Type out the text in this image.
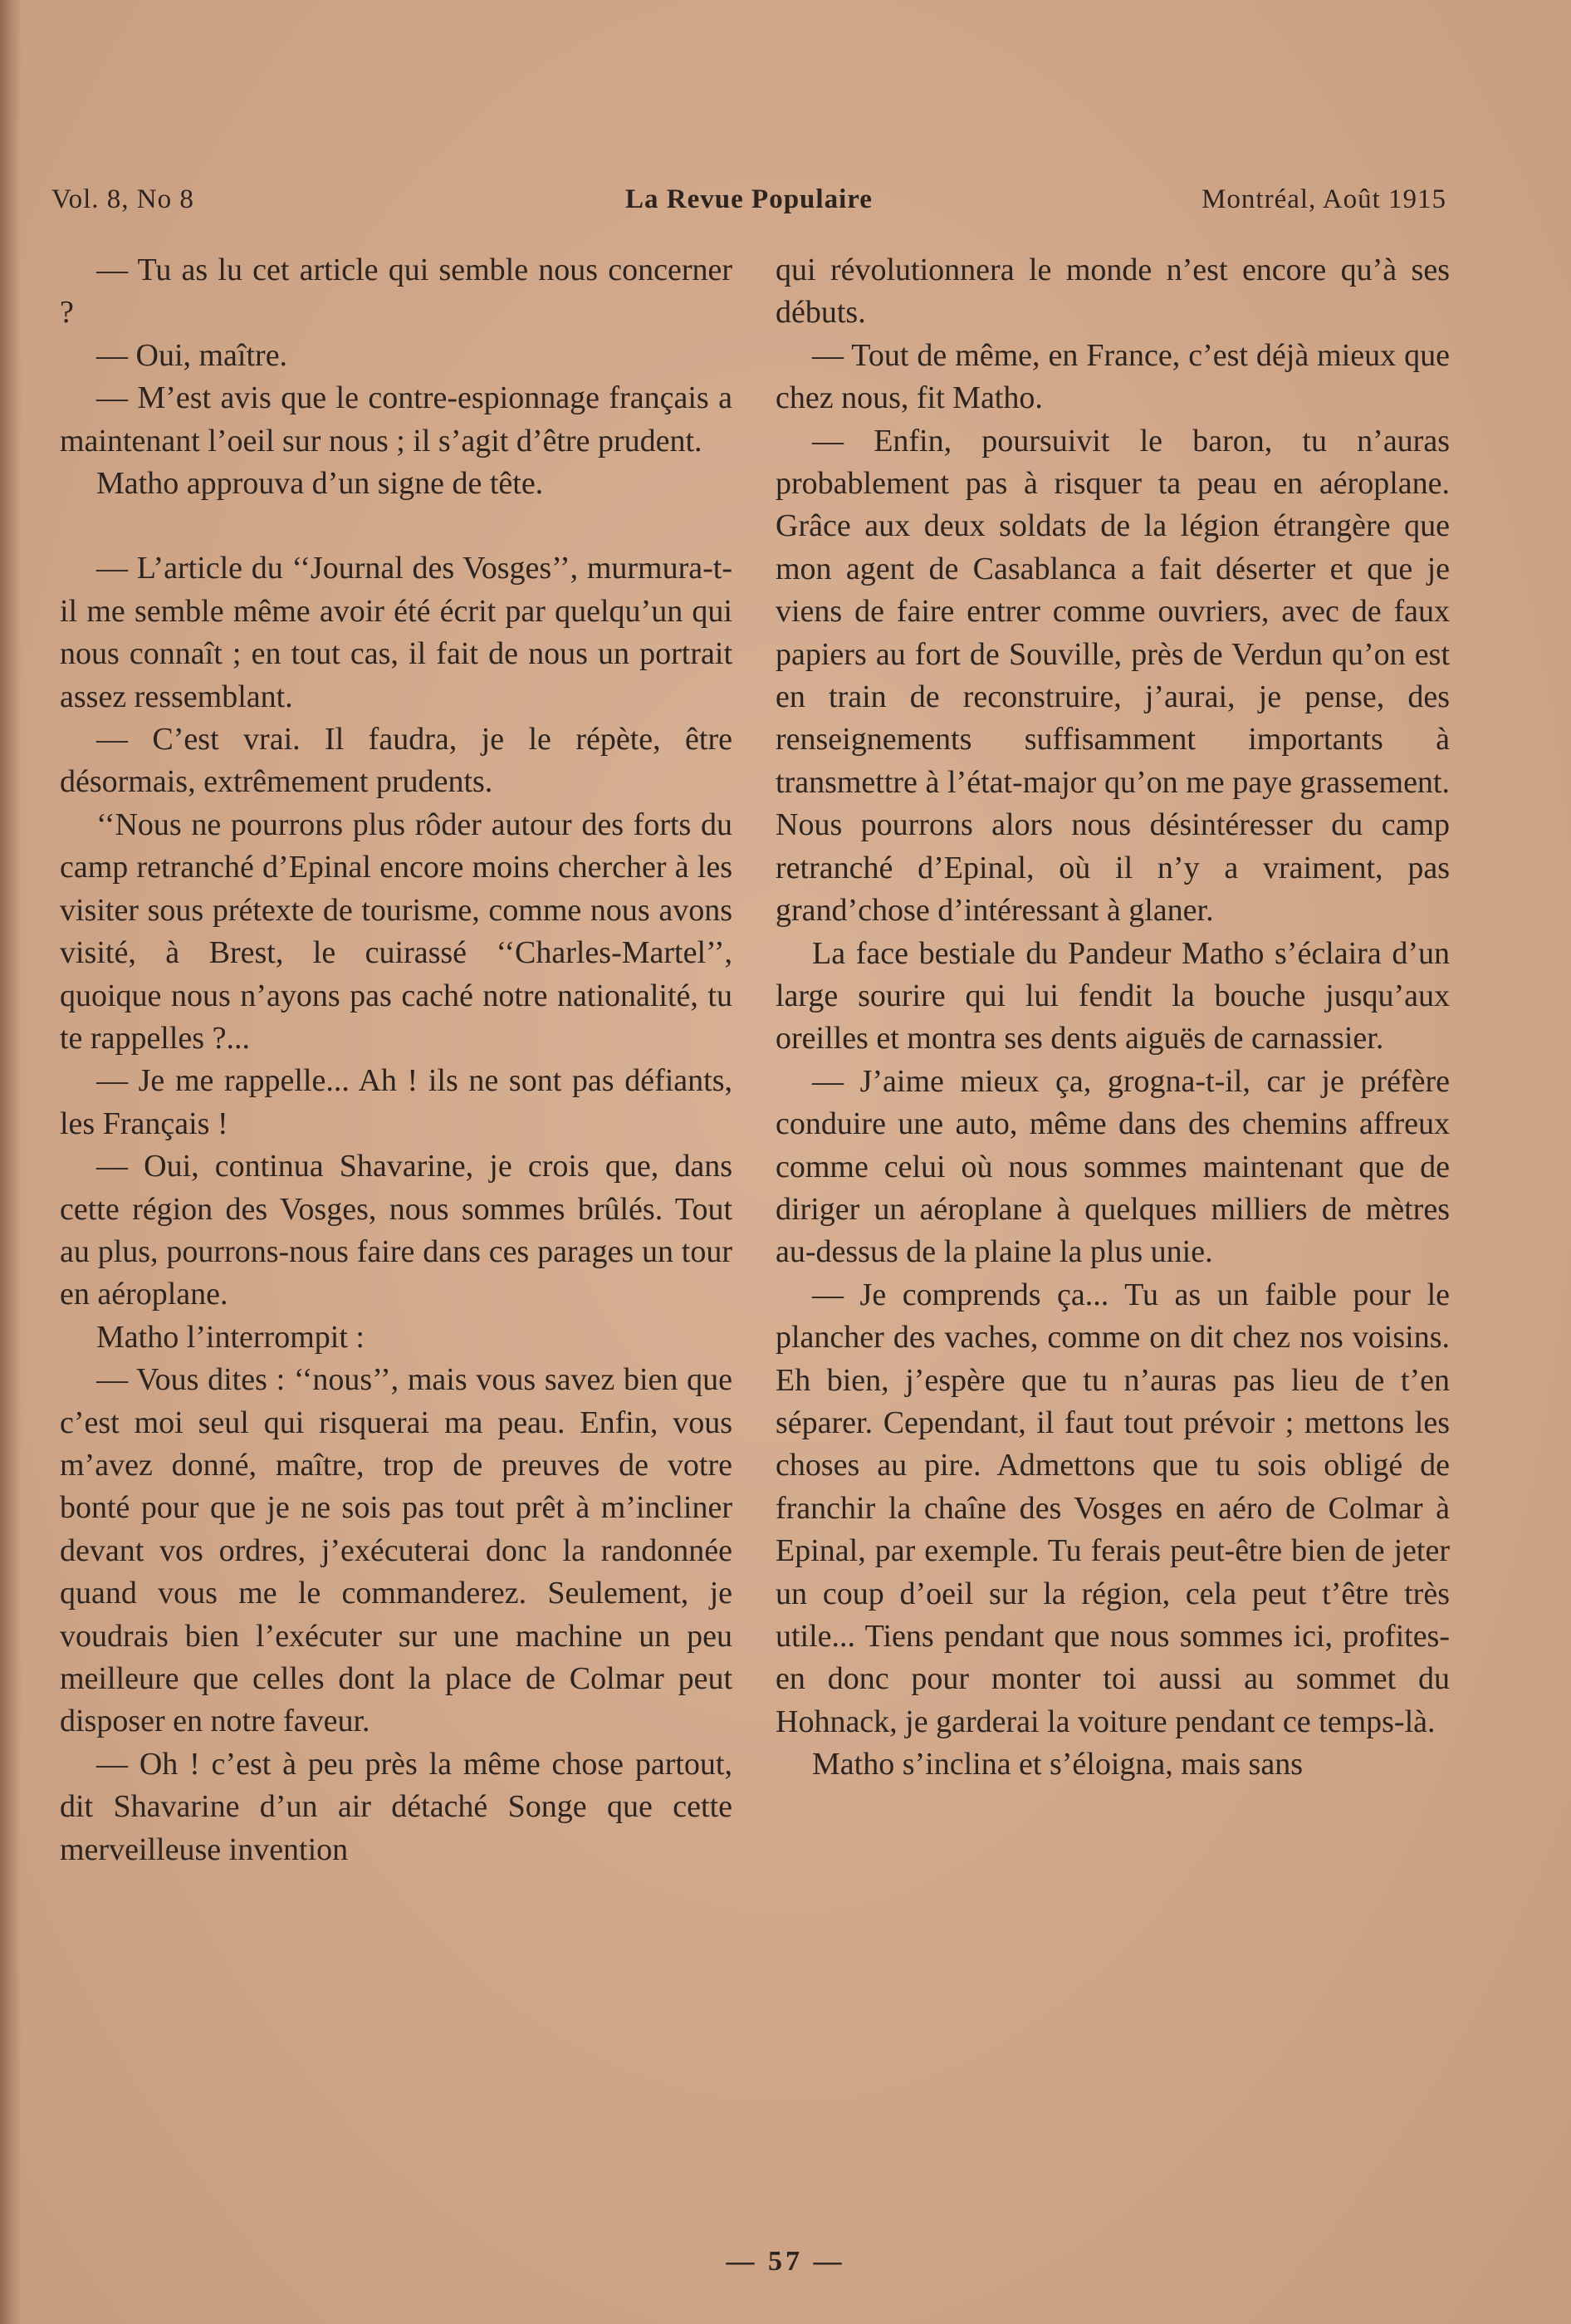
Vol. 8, No 8	La Revue Populaire	Montréal, Août 1915

— Tu as lu cet article qui semble nous concerner ?

— Oui, maître.

— M’est avis que le contre-espionnage français a maintenant l’oeil sur nous ; il s’agit d’être prudent.

Matho approuva d’un signe de tête.

— L’article du ‘‘Journal des Vosges’’, murmura-t-il me semble même avoir été écrit par quelqu’un qui nous connaît ; en tout cas, il fait de nous un portrait assez ressemblant.

— C’est vrai. Il faudra, je le répète, être désormais, extrêmement prudents.

‘‘Nous ne pourrons plus rôder autour des forts du camp retranché d’Epinal encore moins chercher à les visiter sous prétexte de tourisme, comme nous avons visité, à Brest, le cuirassé ‘‘Charles-Martel’’, quoique nous n’ayons pas caché notre nationalité, tu te rappelles ?...

— Je me rappelle... Ah ! ils ne sont pas défiants, les Français !

— Oui, continua Shavarine, je crois que, dans cette région des Vosges, nous sommes brûlés. Tout au plus, pourrons-nous faire dans ces parages un tour en aéroplane.

Matho l’interrompit :

— Vous dites : ‘‘nous’’, mais vous savez bien que c’est moi seul qui risquerai ma peau. Enfin, vous m’avez donné, maître, trop de preuves de votre bonté pour que je ne sois pas tout prêt à m’incliner devant vos ordres, j’exécuterai donc la randonnée quand vous me le commanderez. Seulement, je voudrais bien l’exécuter sur une machine un peu meilleure que celles dont la place de Colmar peut disposer en notre faveur.

— Oh ! c’est à peu près la même chose partout, dit Shavarine d’un air détaché Songe que cette merveilleuse invention

qui révolutionnera le monde n’est encore qu’à ses débuts.

— Tout de même, en France, c’est déjà mieux que chez nous, fit Matho.

— Enfin, poursuivit le baron, tu n’auras probablement pas à risquer ta peau en aéroplane. Grâce aux deux soldats de la légion étrangère que mon agent de Casablanca a fait déserter et que je viens de faire entrer comme ouvriers, avec de faux papiers au fort de Souville, près de Verdun qu’on est en train de reconstruire, j’aurai, je pense, des renseignements suffisamment importants à transmettre à l’état-major qu’on me paye grassement. Nous pourrons alors nous désintéresser du camp retranché d’Epinal, où il n’y a vraiment, pas grand’chose d’intéressant à glaner.

La face bestiale du Pandeur Matho s’éclaira d’un large sourire qui lui fendit la bouche jusqu’aux oreilles et montra ses dents aiguës de carnassier.

— J’aime mieux ça, grogna-t-il, car je préfère conduire une auto, même dans des chemins affreux comme celui où nous sommes maintenant que de diriger un aéroplane à quelques milliers de mètres au-dessus de la plaine la plus unie.

— Je comprends ça... Tu as un faible pour le plancher des vaches, comme on dit chez nos voisins. Eh bien, j’espère que tu n’auras pas lieu de t’en séparer. Cependant, il faut tout prévoir ; mettons les choses au pire. Admettons que tu sois obligé de franchir la chaîne des Vosges en aéro de Colmar à Epinal, par exemple. Tu ferais peut-être bien de jeter un coup d’oeil sur la région, cela peut t’être très utile... Tiens pendant que nous sommes ici, profites-en donc pour monter toi aussi au sommet du Hohnack, je garderai la voiture pendant ce temps-là.

Matho s’inclina et s’éloigna, mais sans

— 57 —
